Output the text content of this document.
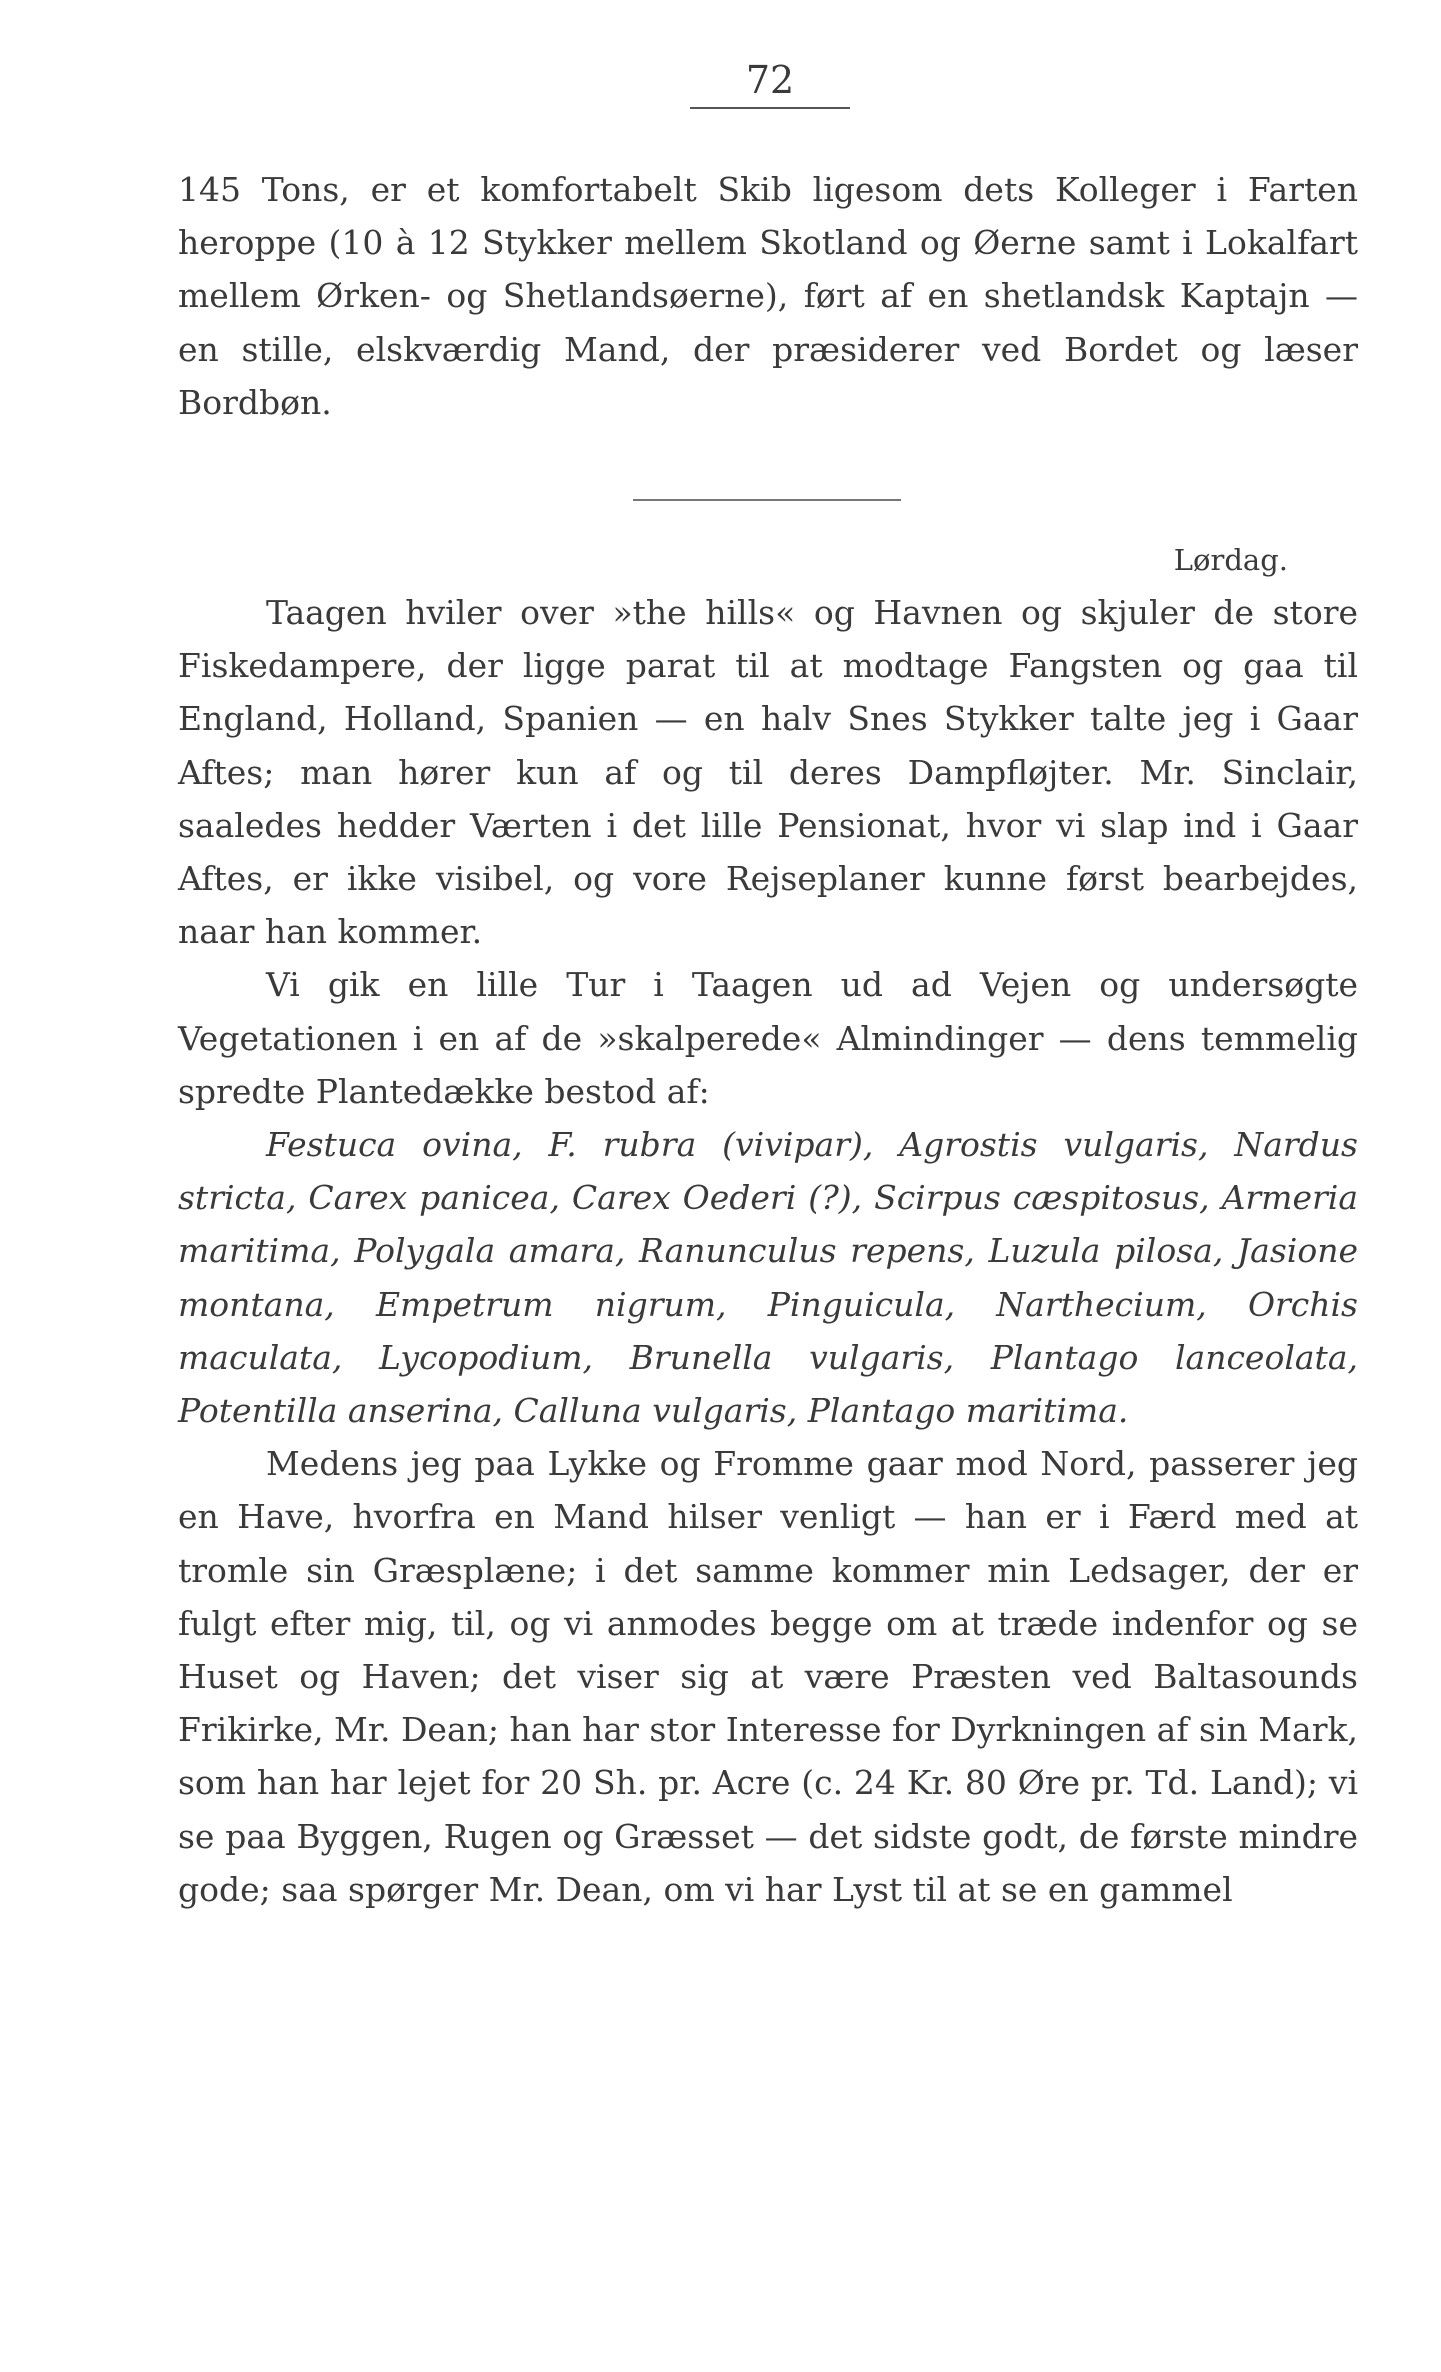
72

145 Tons, er et komfortabelt Skib ligesom dets Kolleger i Farten heroppe (10 à 12 Stykker mellem Skotland og Øerne samt i Lokalfart mellem Ørken- og Shetlandsøerne), ført af en shetlandsk Kaptajn — en stille, elskværdig Mand, der præsiderer ved Bordet og læser Bordbøn.

Lørdag.

Taagen hviler over »the hills« og Havnen og skjuler de store Fiskedampere, der ligge parat til at modtage Fangsten og gaa til England, Holland, Spanien — en halv Snes Stykker talte jeg i Gaar Aftes; man hører kun af og til deres Dampfløjter. Mr. Sinclair, saaledes hedder Værten i det lille Pensionat, hvor vi slap ind i Gaar Aftes, er ikke visibel, og vore Rejseplaner kunne først bearbejdes, naar han kommer.

Vi gik en lille Tur i Taagen ud ad Vejen og undersøgte Vegetationen i en af de »skalperede« Almindinger — dens temmelig spredte Plantedække bestod af:

Festuca ovina, F. rubra (vivipar), Agrostis vulgaris, Nardus stricta, Carex panicea, Carex Oederi (?), Scirpus cæspitosus, Armeria maritima, Polygala amara, Ranunculus repens, Luzula pilosa, Jasione montana, Empetrum nigrum, Pinguicula, Narthecium, Orchis maculata, Lycopodium, Brunella vulgaris, Plantago lanceolata, Potentilla anserina, Calluna vulgaris, Plantago maritima.

Medens jeg paa Lykke og Fromme gaar mod Nord, passerer jeg en Have, hvorfra en Mand hilser venligt — han er i Færd med at tromle sin Græsplæne; i det samme kommer min Ledsager, der er fulgt efter mig, til, og vi anmodes begge om at træde indenfor og se Huset og Haven; det viser sig at være Præsten ved Baltasounds Frikirke, Mr. Dean; han har stor Interesse for Dyrkningen af sin Mark, som han har lejet for 20 Sh. pr. Acre (c. 24 Kr. 80 Øre pr. Td. Land); vi se paa Byggen, Rugen og Græsset — det sidste godt, de første mindre gode; saa spørger Mr. Dean, om vi har Lyst til at se en gammel
